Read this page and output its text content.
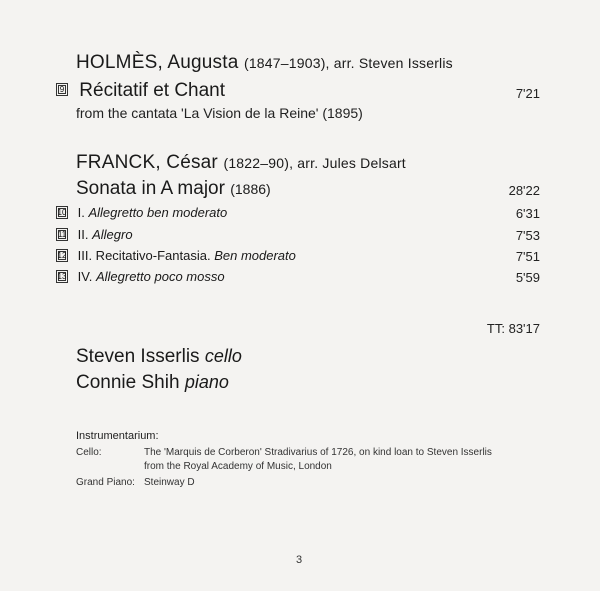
HOLMÈS, Augusta (1847–1903), arr. Steven Isserlis
9 Récitatif et Chant	7'21
from the cantata 'La Vision de la Reine' (1895)
FRANCK, César (1822–90), arr. Jules Delsart
Sonata in A major (1886)	28'22
10 I. Allegretto ben moderato	6'31
11 II. Allegro	7'53
12 III. Recitativo-Fantasia. Ben moderato	7'51
13 IV. Allegretto poco mosso	5'59
TT: 83'17
Steven Isserlis cello
Connie Shih piano
Instrumentarium:
Cello:	The 'Marquis de Corberon' Stradivarius of 1726, on kind loan to Steven Isserlis
from the Royal Academy of Music, London
Grand Piano: Steinway D
3
